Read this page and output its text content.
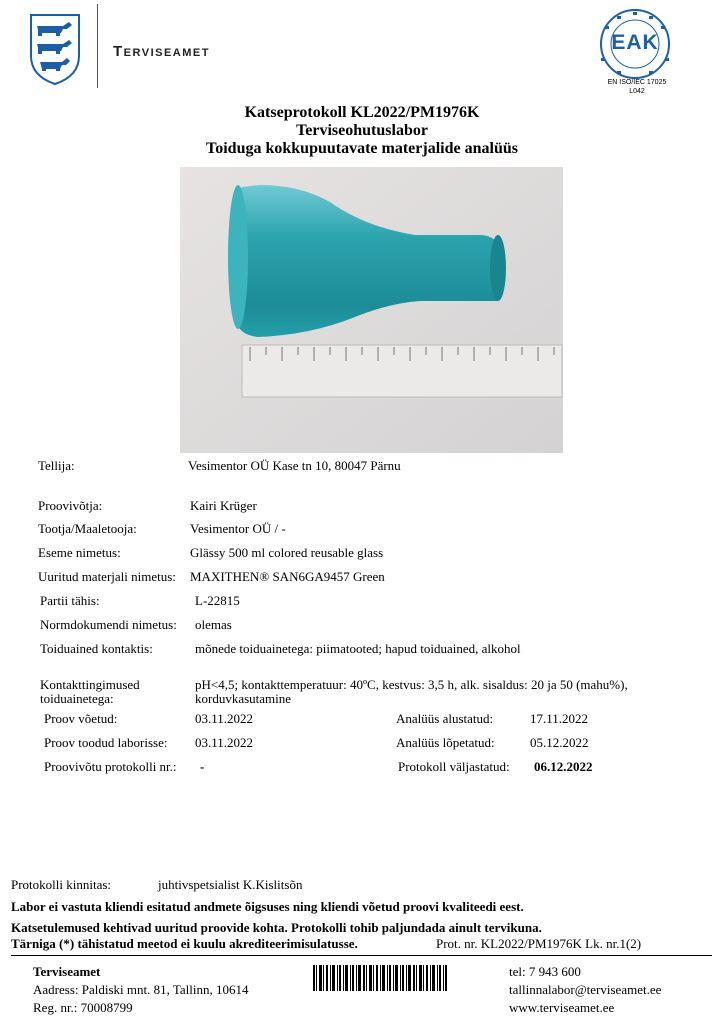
Terviseamet	EAK
EN ISO/IEC 17025
L042
Katseprotokoll KL2022/PM1976K
Terviseohutuslabor
Toiduga kokkupuutavate materjalide analüüs
Tellija:	Vesimentor OÜ Kase tn 10, 80047 Pärnu
Proovivõtja:	Kairi Krüger
Tootja/Maaletooja:	Vesimentor OÜ / -
Eseme nimetus:	Glässy 500 ml colored reusable glass
Uuritud materjali nimetus: MAXITHEN® SAN6GA9457 Green
Partii tähis:	L-22815
Normdokumendi nimetus: olemas
Toiduained kontaktis:	mõnede toiduainetega: piimatooted; hapud toiduained, alkohol
Kontakttingimused
toiduainetega:
pH<4,5; kontakttemperatuur: 40ºC, kestvus: 3,5 h, alk. sisaldus: 20 ja 50 (mahu%),
korduvkasutamine
Proov võetud:	03.11.2022	Analüüs alustatud:	17.11.2022
Proov toodud laborisse: 03.11.2022	Analüüs lõpetatud:	05.12.2022
Proovivõtu protokolli nr.: -	Protokoll väljastatud: 06.12.2022
Protokolli kinnitas:	juhtivspetsialist K.Kislitsõn
Labor ei vastuta kliendi esitatud andmete õigsuses ning kliendi võetud proovi kvaliteedi eest.
Katsetulemused kehtivad uuritud proovide kohta. Protokolli tohib paljundada ainult tervikuna.
Tärniga (*) tähistatud meetod ei kuulu akrediteerimisulatusse.	Prot. nr. KL2022/PM1976K Lk. nr.1(2)
Terviseamet
Aadress: Paldiski mnt. 81, Tallinn, 10614
Reg. nr.: 70008799
tel: 7 943 600
tallinnalabor@terviseamet.ee
www.terviseamet.ee
